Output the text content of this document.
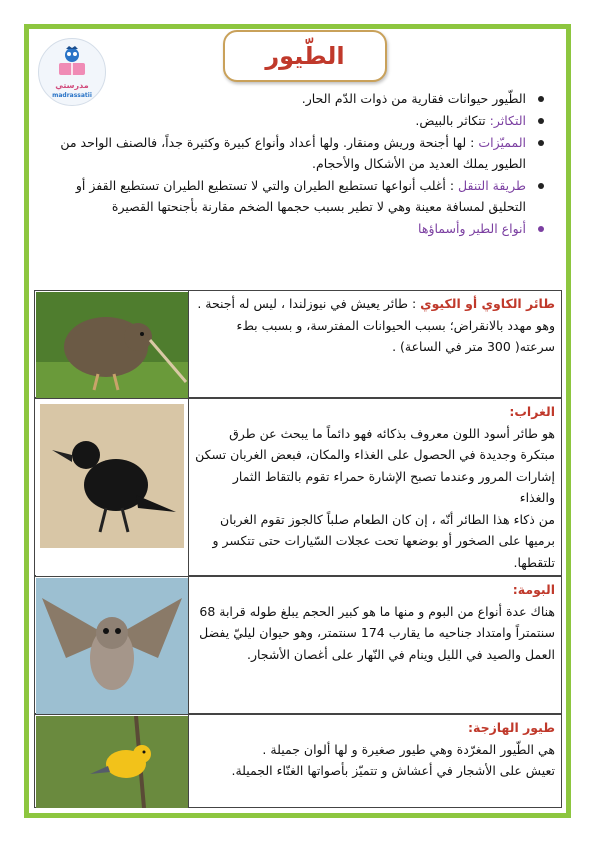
مدرستي
madrassatii
الطّيور
الطّيور حيوانات فقارية من ذوات الدّم الحار.
التكاثر: تتكاثر بالبيض.
المميّزات : لها أجنحة وريش ومنقار. ولها أعداد وأنواع كبيرة وكثيرة جداً، فالصنف الواحد من الطيور يملك العديد من الأشكال والأحجام.
طريقة التنقل : أغلب أنواعها تستطيع الطيران والتي لا تستطيع الطيران تستطيع القفز أو التحليق لمسافة معينة وهي لا تطير بسبب حجمها الضخم مقارنة بأجنحتها القصيرة
أنواع الطير وأسماؤها
طائر الكاوي أو الكيوي : طائر يعيش في نيوزلندا ، ليس له أجنحة . وهو مهدد بالانقراض؛ بسبب الحيوانات المفترسة، و بسبب بطء سرعته( 300 متر في الساعة) .
الغراب:
هو طائر أسود اللون معروف بذكائه فهو دائماً ما يبحث عن طرق مبتكرة وجديدة في الحصول على الغذاء والمكان، فبعض الغربان تسكن إشارات المرور وعندما تصبح الإشارة حمراء تقوم بالتقاط الثمار والغذاء
من ذكاء هذا الطائر أنّه ، إن كان الطعام صلباً كالجوز تقوم الغربان برميها على الصخور أو بوضعها تحت عجلات السّيارات حتى تتكسر و تلتقطها.
البومة:
هناك عدة أنواع من البوم و منها ما هو كبير الحجم يبلغ طوله قرابة 68 سنتمتراً وامتداد جناحيه ما يقارب 174 سنتمتر، وهو حيوان ليليّ يفضل العمل والصيد في الليل وينام في النّهار على أغصان الأشجار.
طيور الهازجة:
هي الطّيور المغرّدة وهي طيور صغيرة و لها ألوان جميلة .
تعيش على الأشجار في أعشاش و تتميّز بأصواتها الغنّاء الجميلة.
